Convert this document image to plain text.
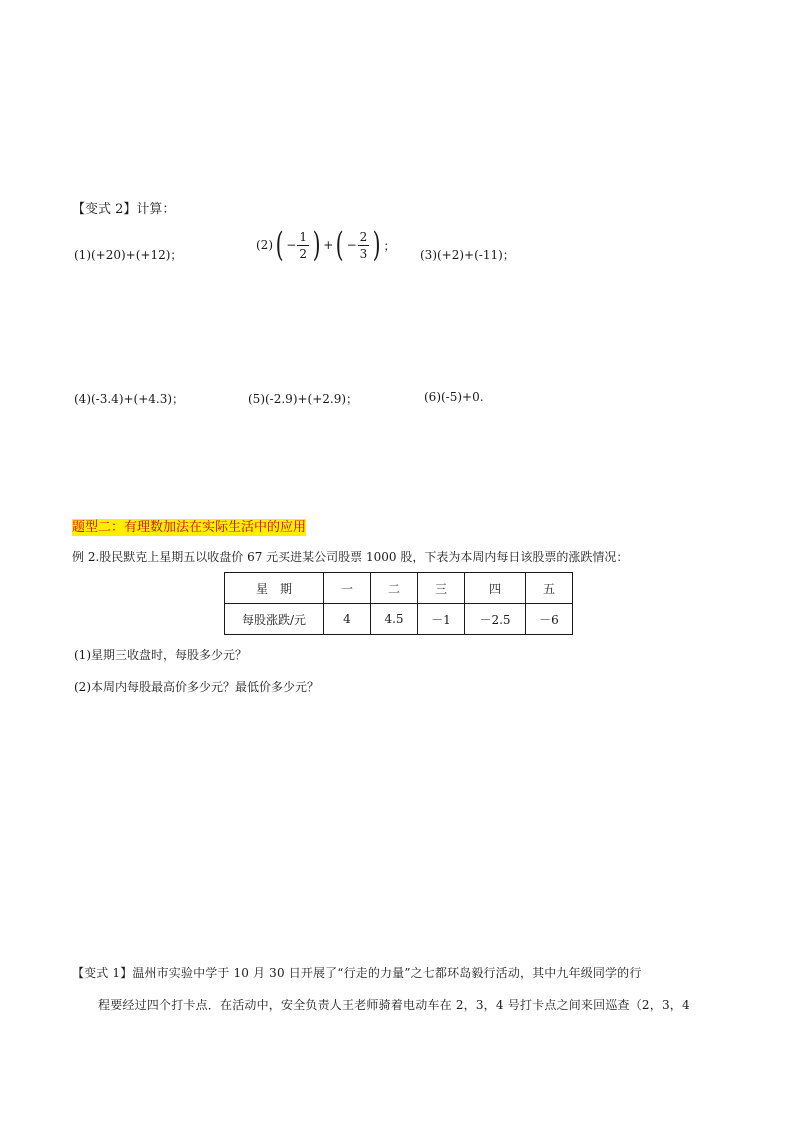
【变式 2】计算：
(1)(+20)+(+12)；
(2) ( − $\frac{1}{2}$ ) + ( − $\frac{2}{3}$ ) ；
(3)(+2)+(-11)；
(4)(-3.4)+(+4.3)；	(5)(-2.9)+(+2.9)；	(6)(-5)+0.
题型二：有理数加法在实际生活中的应用
例 2.股民默克上星期五以收盘价 67 元买进某公司股票 1000 股，下表为本周内每日该股票的涨跌情况：
星　期	一	二	三	四	五
每股涨跌/元	4	4.5	－1	－2.5	－6
(1)星期三收盘时，每股多少元？
(2)本周内每股最高价多少元？最低价多少元？
【变式 1】温州市实验中学于 10 月 30 日开展了“行走的力量”之七都环岛毅行活动，其中九年级同学的行
程要经过四个打卡点．在活动中，安全负责人王老师骑着电动车在 2，3，4 号打卡点之间来回巡查（2，3，4
